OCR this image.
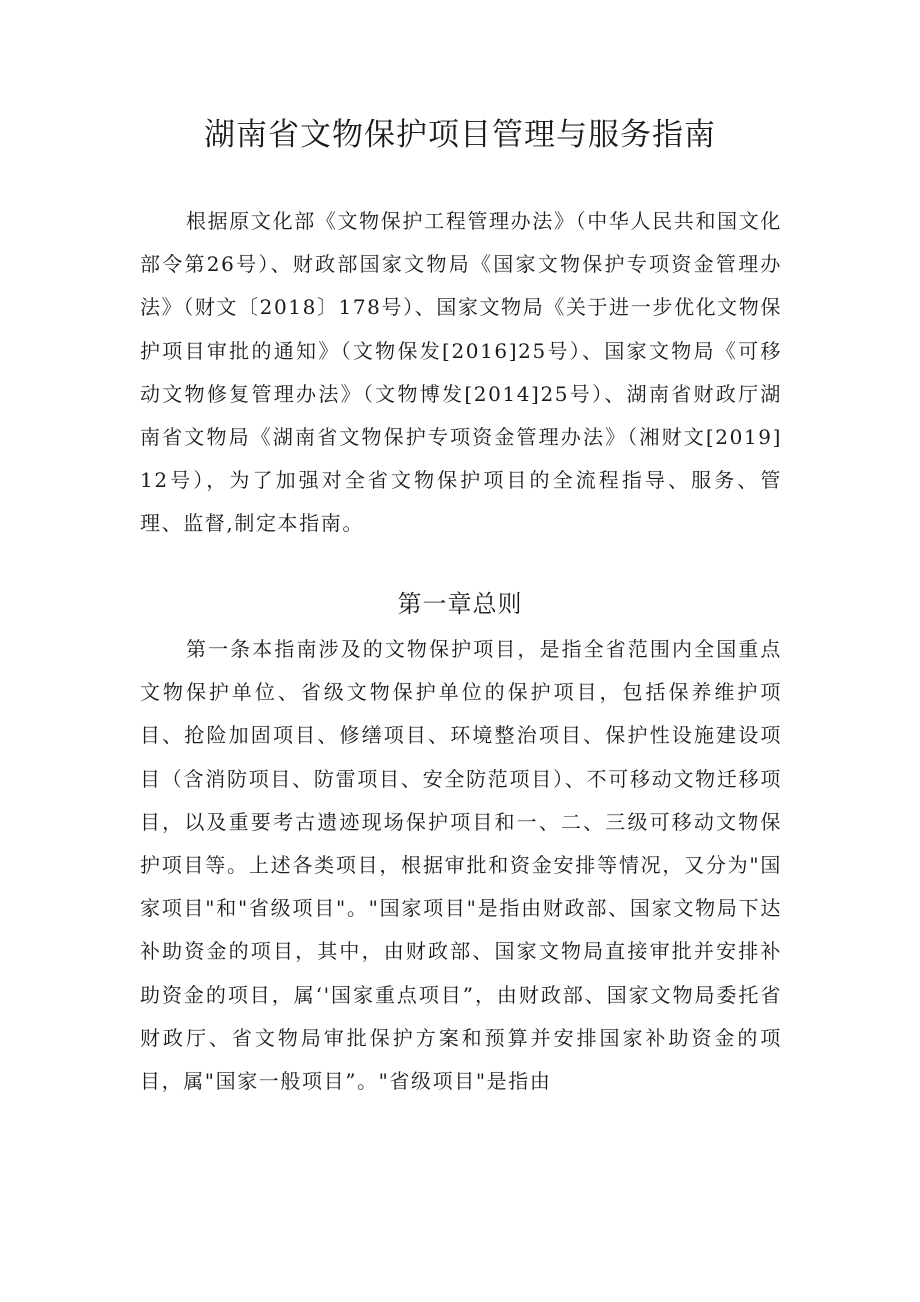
湖南省文物保护项目管理与服务指南

根据原文化部《文物保护工程管理办法》（中华人民共和国文化部令第26号）、财政部国家文物局《国家文物保护专项资金管理办法》（财文〔2018〕178号）、国家文物局《关于进一步优化文物保护项目审批的通知》（文物保发[2016]25号）、国家文物局《可移动文物修复管理办法》（文物博发[2014]25号）、湖南省财政厅湖南省文物局《湖南省文物保护专项资金管理办法》（湘财文[2019]12号），为了加强对全省文物保护项目的全流程指导、服务、管理、监督,制定本指南。

第一章总则

第一条本指南涉及的文物保护项目，是指全省范围内全国重点文物保护单位、省级文物保护单位的保护项目，包括保养维护项目、抢险加固项目、修缮项目、环境整治项目、保护性设施建设项目（含消防项目、防雷项目、安全防范项目）、不可移动文物迁移项目，以及重要考古遗迹现场保护项目和一、二、三级可移动文物保护项目等。上述各类项目，根据审批和资金安排等情况，又分为"国家项目"和"省级项目"。"国家项目"是指由财政部、国家文物局下达补助资金的项目，其中，由财政部、国家文物局直接审批并安排补助资金的项目，属‘'国家重点项目”，由财政部、国家文物局委托省财政厅、省文物局审批保护方案和预算并安排国家补助资金的项目，属"国家一般项目”。"省级项目"是指由
